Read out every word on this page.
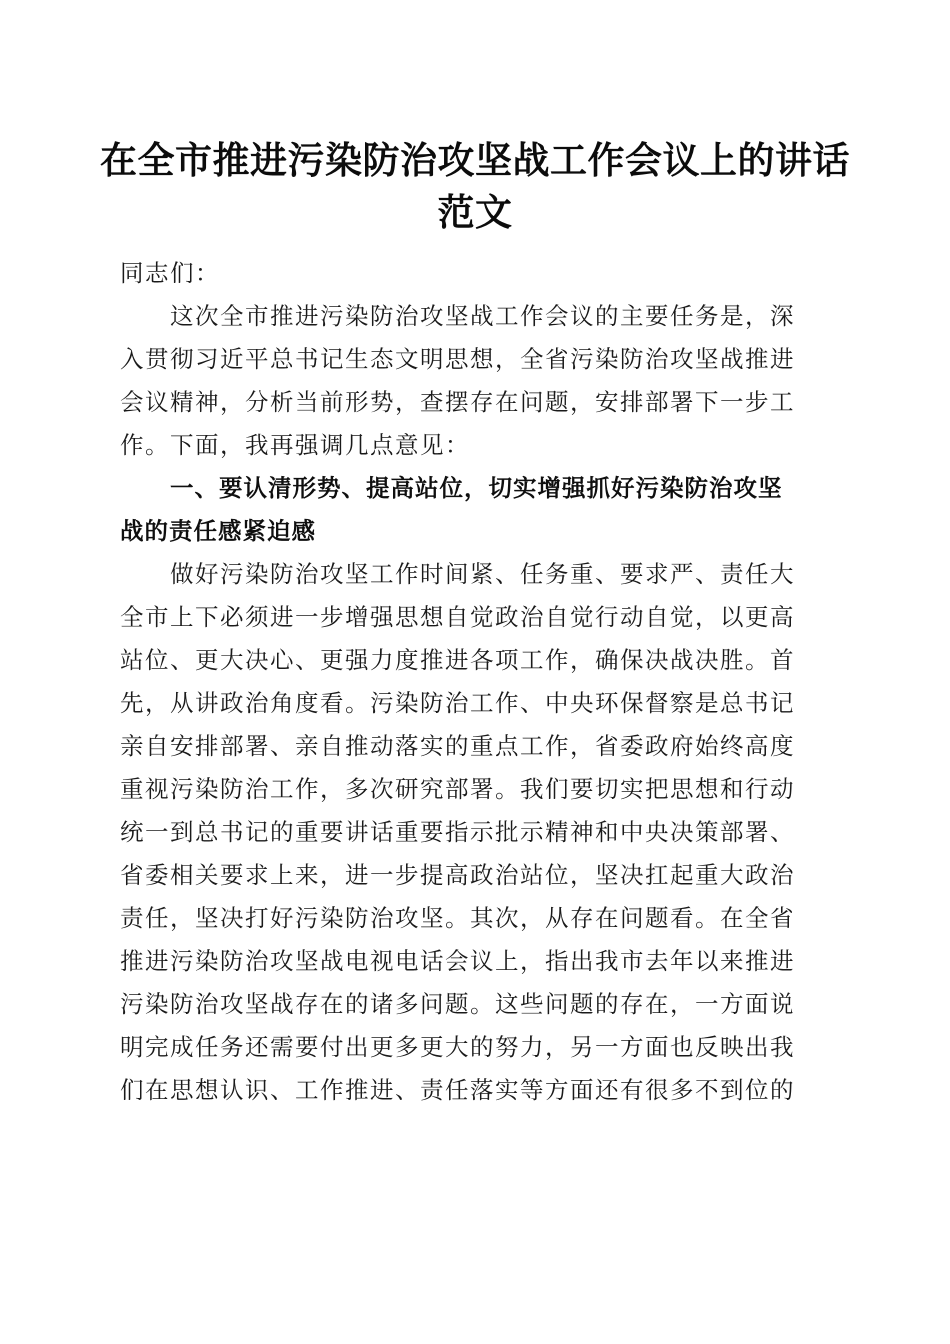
在全市推进污染防治攻坚战工作会议上的讲话
范文

同志们：

这次全市推进污染防治攻坚战工作会议的主要任务是，深
入贯彻习近平总书记生态文明思想，全省污染防治攻坚战推进
会议精神，分析当前形势，查摆存在问题，安排部署下一步工
作。下面，我再强调几点意见：

一、要认清形势、提高站位，切实增强抓好污染防治攻坚
战的责任感紧迫感

做好污染防治攻坚工作时间紧、任务重、要求严、责任大
全市上下必须进一步增强思想自觉政治自觉行动自觉，以更高
站位、更大决心、更强力度推进各项工作，确保决战决胜。首
先，从讲政治角度看。污染防治工作、中央环保督察是总书记
亲自安排部署、亲自推动落实的重点工作，省委政府始终高度
重视污染防治工作，多次研究部署。我们要切实把思想和行动
统一到总书记的重要讲话重要指示批示精神和中央决策部署、
省委相关要求上来，进一步提高政治站位，坚决扛起重大政治
责任，坚决打好污染防治攻坚。其次，从存在问题看。在全省
推进污染防治攻坚战电视电话会议上，指出我市去年以来推进
污染防治攻坚战存在的诸多问题。这些问题的存在，一方面说
明完成任务还需要付出更多更大的努力，另一方面也反映出我
们在思想认识、工作推进、责任落实等方面还有很多不到位的
